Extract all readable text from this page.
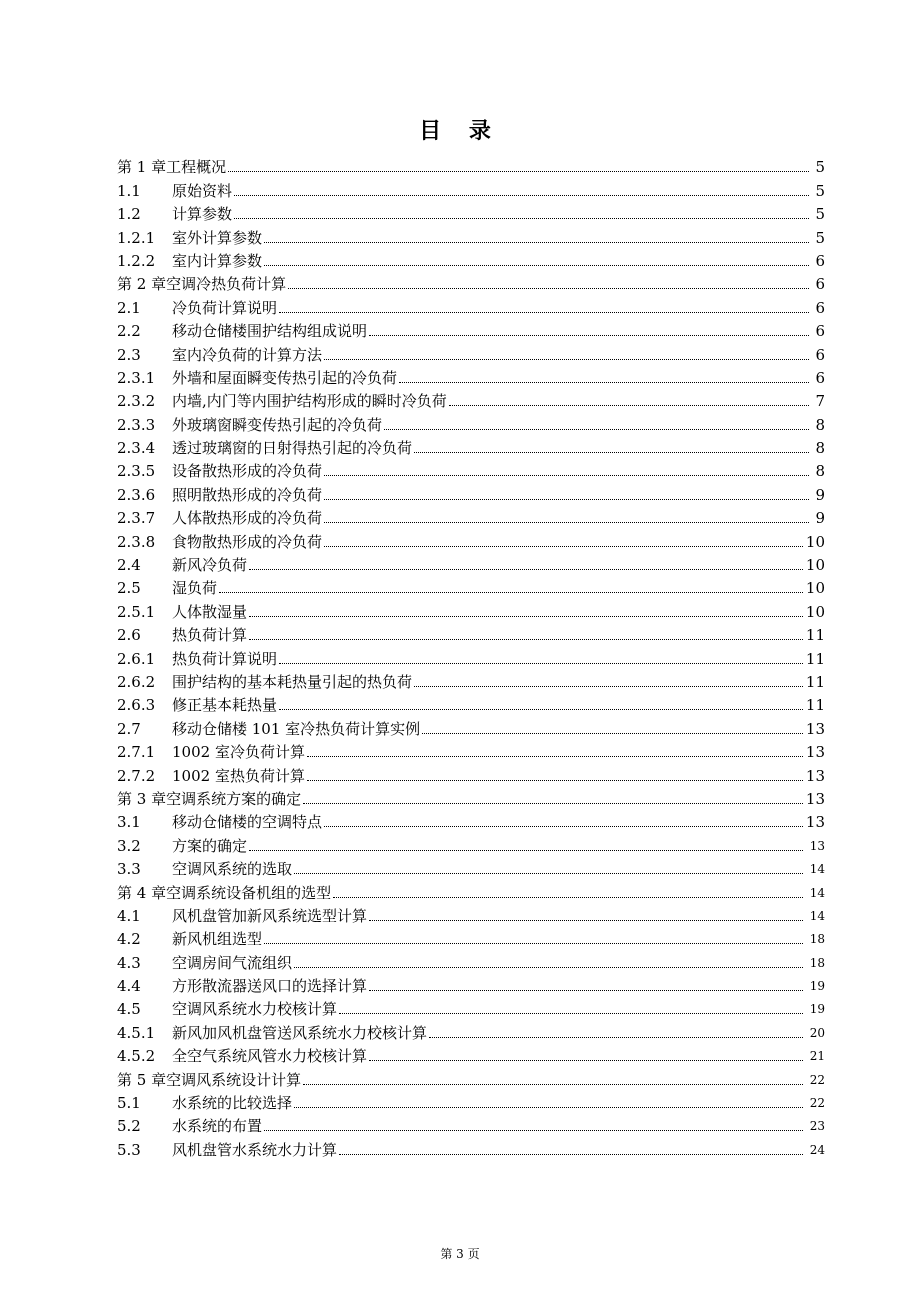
目 录
第 1 章工程概况	5
1.1	原始资料	5
1.2	计算参数	5
1.2.1	室外计算参数	5
1.2.2	室内计算参数	6
第 2 章空调冷热负荷计算	6
2.1	冷负荷计算说明	6
2.2	移动仓储楼围护结构组成说明	6
2.3	室内冷负荷的计算方法	6
2.3.1	外墙和屋面瞬变传热引起的冷负荷	6
2.3.2	内墙,内门等内围护结构形成的瞬时冷负荷	7
2.3.3	外玻璃窗瞬变传热引起的冷负荷	8
2.3.4	透过玻璃窗的日射得热引起的冷负荷	8
2.3.5	设备散热形成的冷负荷	8
2.3.6	照明散热形成的冷负荷	9
2.3.7	人体散热形成的冷负荷	9
2.3.8	食物散热形成的冷负荷	10
2.4	新风冷负荷	10
2.5	湿负荷	10
2.5.1	人体散湿量	10
2.6	热负荷计算	11
2.6.1	热负荷计算说明	11
2.6.2	围护结构的基本耗热量引起的热负荷	11
2.6.3	修正基本耗热量	11
2.7	移动仓储楼 101 室冷热负荷计算实例	13
2.7.1	1002 室冷负荷计算	13
2.7.2	1002 室热负荷计算	13
第 3 章空调系统方案的确定	13
3.1	移动仓储楼的空调特点	13
3.2	方案的确定	13
3.3	空调风系统的选取	14
第 4 章空调系统设备机组的选型	14
4.1	风机盘管加新风系统选型计算	14
4.2	新风机组选型	18
4.3	空调房间气流组织	18
4.4	方形散流器送风口的选择计算	19
4.5	空调风系统水力校核计算	19
4.5.1	新风加风机盘管送风系统水力校核计算	20
4.5.2	全空气系统风管水力校核计算	21
第 5 章空调风系统设计计算	22
5.1	水系统的比较选择	22
5.2	水系统的布置	23
5.3	风机盘管水系统水力计算	24
第 3 页
